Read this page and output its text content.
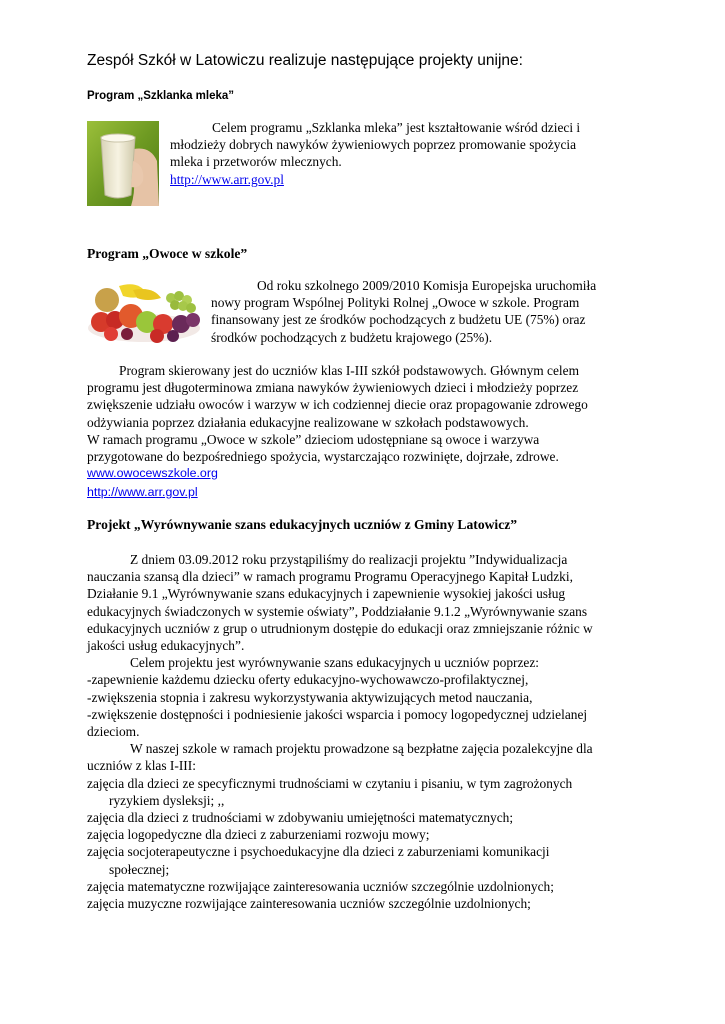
Zespół Szkół w Latowiczu realizuje następujące projekty unijne:

Program „Szklanka mleka”

Celem programu „Szklanka mleka” jest kształtowanie wśród dzieci i
młodzieży dobrych nawyków żywieniowych poprzez promowanie spożycia
mleka i przetworów mlecznych.
http://www.arr.gov.pl

Program „Owoce w szkole”

Od roku szkolnego 2009/2010 Komisja Europejska uruchomiła
nowy program Wspólnej Polityki Rolnej „Owoce w szkole. Program
finansowany jest ze środków pochodzących z budżetu UE (75%) oraz
środków pochodzących z budżetu krajowego (25%).
Program skierowany jest do uczniów klas I-III szkół podstawowych. Głównym celem
programu jest długoterminowa zmiana nawyków żywieniowych dzieci i młodzieży poprzez
zwiększenie udziału owoców i warzyw w ich codziennej diecie oraz propagowanie zdrowego
odżywiania poprzez działania edukacyjne realizowane w szkołach podstawowych.
W ramach programu „Owoce w szkole” dzieciom udostępniane są owoce i warzywa
przygotowane do bezpośredniego spożycia, wystarczająco rozwinięte, dojrzałe, zdrowe.
www.owocewszkole.org
http://www.arr.gov.pl

Projekt „Wyrównywanie szans edukacyjnych uczniów z Gminy Latowicz”

Z dniem 03.09.2012 roku przystąpiliśmy do realizacji projektu ”Indywidualizacja
nauczania szansą dla dzieci” w ramach programu Programu Operacyjnego Kapitał Ludzki,
Działanie 9.1 „Wyrównywanie szans edukacyjnych i zapewnienie wysokiej jakości usług
edukacyjnych świadczonych w systemie oświaty”, Poddziałanie 9.1.2 „Wyrównywanie szans
edukacyjnych uczniów z grup o utrudnionym dostępie do edukacji oraz zmniejszanie różnic w
jakości usług edukacyjnych”.
Celem projektu jest wyrównywanie szans edukacyjnych u uczniów poprzez:
-zapewnienie każdemu dziecku oferty edukacyjno-wychowawczo-profilaktycznej,
-zwiększenia stopnia i zakresu wykorzystywania aktywizujących metod nauczania,
-zwiększenie dostępności i podniesienie jakości wsparcia i pomocy logopedycznej udzielanej
dzieciom.
W naszej szkole w ramach projektu prowadzone są bezpłatne zajęcia pozalekcyjne dla
uczniów z klas I-III:
zajęcia dla dzieci ze specyficznymi trudnościami w czytaniu i pisaniu, w tym zagrożonych
ryzykiem dysleksji; ,,
zajęcia dla dzieci z trudnościami w zdobywaniu umiejętności matematycznych;
zajęcia logopedyczne dla dzieci z zaburzeniami rozwoju mowy;
zajęcia socjoterapeutyczne i psychoedukacyjne dla dzieci z zaburzeniami komunikacji
społecznej;
zajęcia matematyczne rozwijające zainteresowania uczniów szczególnie uzdolnionych;
zajęcia muzyczne rozwijające zainteresowania uczniów szczególnie uzdolnionych;
